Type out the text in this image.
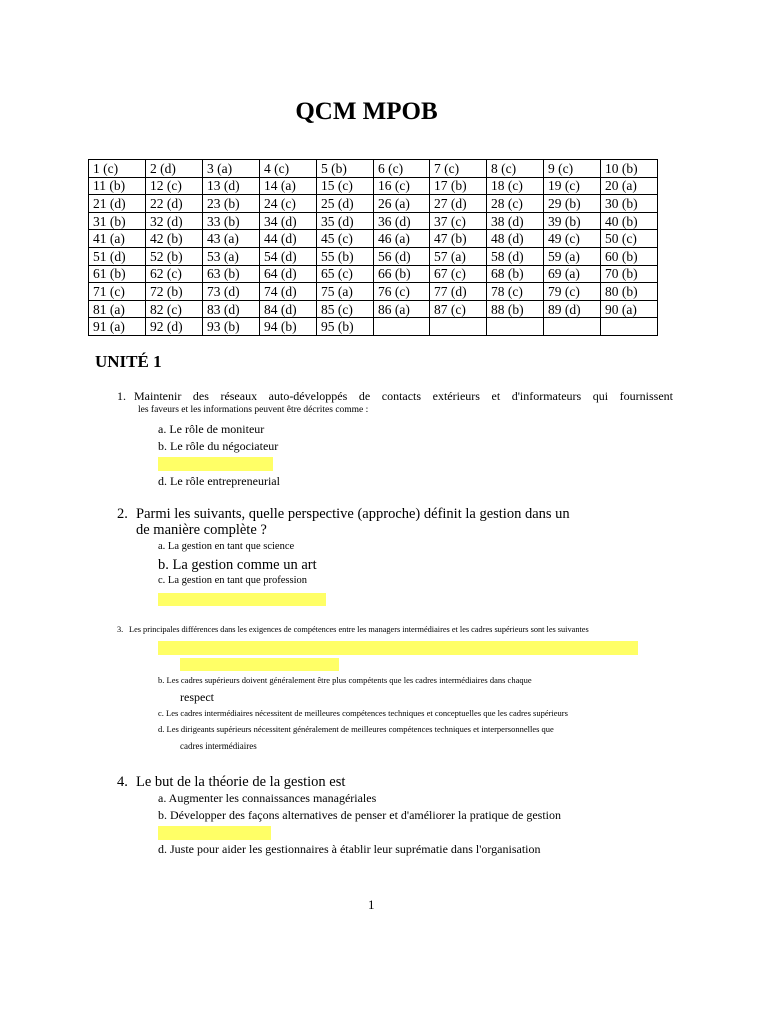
QCM MPOB
1 (c)	2 (d)	3 (a)	4 (c)	5 (b)	6 (c)	7 (c)	8 (c)	9 (c)	10 (b)
11 (b)	12 (c)	13 (d)	14 (a)	15 (c)	16 (c)	17 (b)	18 (c)	19 (c)	20 (a)
21 (d)	22 (d)	23 (b)	24 (c)	25 (d)	26 (a)	27 (d)	28 (c)	29 (b)	30 (b)
31 (b)	32 (d)	33 (b)	34 (d)	35 (d)	36 (d)	37 (c)	38 (d)	39 (b)	40 (b)
41 (a)	42 (b)	43 (a)	44 (d)	45 (c)	46 (a)	47 (b)	48 (d)	49 (c)	50 (c)
51 (d)	52 (b)	53 (a)	54 (d)	55 (b)	56 (d)	57 (a)	58 (d)	59 (a)	60 (b)
61 (b)	62 (c)	63 (b)	64 (d)	65 (c)	66 (b)	67 (c)	68 (b)	69 (a)	70 (b)
71 (c)	72 (b)	73 (d)	74 (d)	75 (a)	76 (c)	77 (d)	78 (c)	79 (c)	80 (b)
81 (a)	82 (c)	83 (d)	84 (d)	85 (c)	86 (a)	87 (c)	88 (b)	89 (d)	90 (a)
91 (a)	92 (d)	93 (b)	94 (b)	95 (b)					
UNITÉ 1
1. Maintenir des réseaux auto-développés de contacts extérieurs et d'informateurs qui fournissent
les faveurs et les informations peuvent être décrites comme :
a. Le rôle de moniteur
b. Le rôle du négociateur
d. Le rôle entrepreneurial
2. Parmi les suivants, quelle perspective (approche) définit la gestion dans un
de manière complète ?
a. La gestion en tant que science
b. La gestion comme un art
c. La gestion en tant que profession
3. Les principales différences dans les exigences de compétences entre les managers intermédiaires et les cadres supérieurs sont les suivantes
b. Les cadres supérieurs doivent généralement être plus compétents que les cadres intermédiaires dans chaque
respect
c. Les cadres intermédiaires nécessitent de meilleures compétences techniques et conceptuelles que les cadres supérieurs
d. Les dirigeants supérieurs nécessitent généralement de meilleures compétences techniques et interpersonnelles que
cadres intermédiaires
4. Le but de la théorie de la gestion est
a. Augmenter les connaissances managériales
b. Développer des façons alternatives de penser et d'améliorer la pratique de gestion
d. Juste pour aider les gestionnaires à établir leur suprématie dans l'organisation
1
